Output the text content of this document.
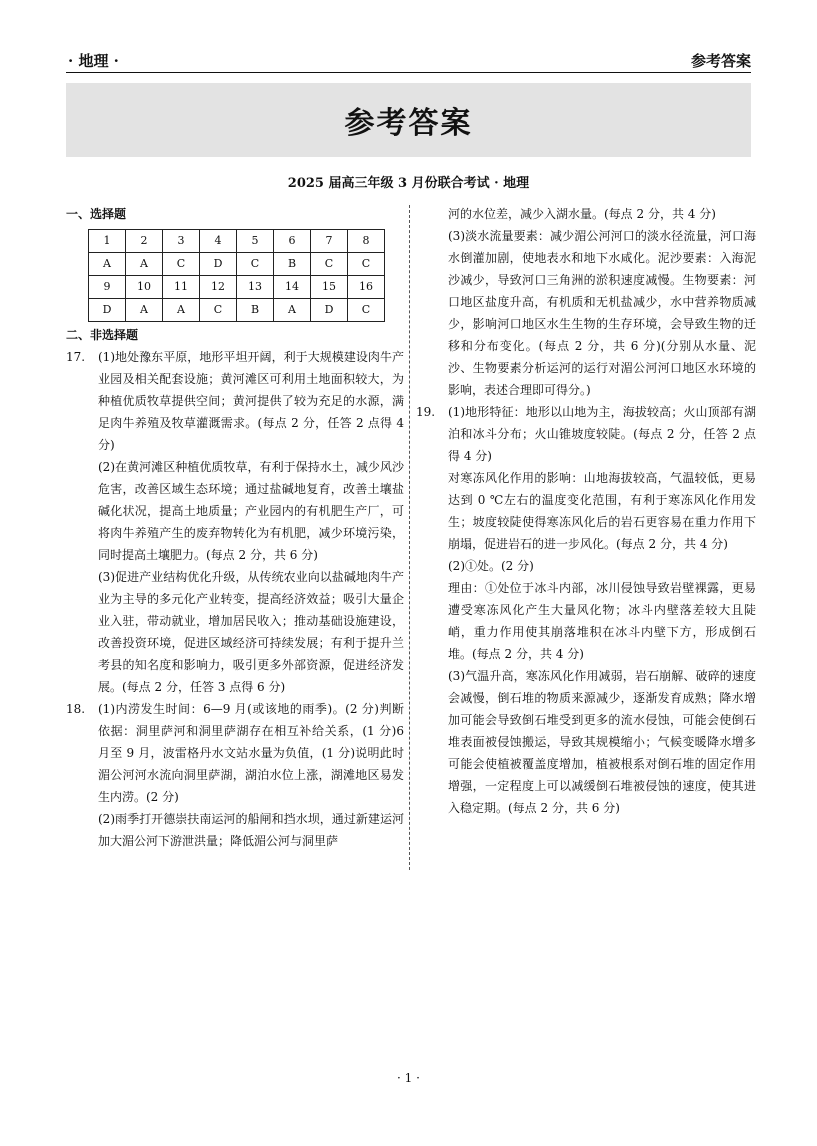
· 地理 ·	参考答案
参考答案
2025 届高三年级 3 月份联合考试 · 地理
一、选择题
1	2	3	4	5	6	7	8
A	A	C	D	C	B	C	C
9	10	11	12	13	14	15	16
D	A	A	C	B	A	D	C
二、非选择题
17. (1)地处豫东平原，地形平坦开阔，利于大规模建设肉牛产业园及相关配套设施；黄河滩区可利用土地面积较大，为种植优质牧草提供空间；黄河提供了较为充足的水源，满足肉牛养殖及牧草灌溉需求。(每点 2 分，任答 2 点得 4 分)

(2)在黄河滩区种植优质牧草，有利于保持水土，减少风沙危害，改善区域生态环境；通过盐碱地复育，改善土壤盐碱化状况，提高土地质量；产业园内的有机肥生产厂，可将肉牛养殖产生的废弃物转化为有机肥，减少环境污染，同时提高土壤肥力。(每点 2 分，共 6 分)

(3)促进产业结构优化升级，从传统农业向以盐碱地肉牛产业为主导的多元化产业转变，提高经济效益；吸引大量企业入驻，带动就业，增加居民收入；推动基础设施建设，改善投资环境，促进区域经济可持续发展；有利于提升兰考县的知名度和影响力，吸引更多外部资源，促进经济发展。(每点 2 分，任答 3 点得 6 分)

18. (1)内涝发生时间：6—9 月(或该地的雨季)。(2 分)判断依据：洞里萨河和洞里萨湖存在相互补给关系，(1 分)6 月至 9 月，波雷格丹水文站水量为负值，(1 分)说明此时湄公河河水流向洞里萨湖，湖泊水位上涨，湖滩地区易发生内涝。(2 分)

(2)雨季打开德崇扶南运河的船闸和挡水坝，通过新建运河加大湄公河下游泄洪量；降低湄公河与洞里萨

河的水位差，减少入湖水量。(每点 2 分，共 4 分)

(3)淡水流量要素：减少湄公河河口的淡水径流量，河口海水倒灌加剧，使地表水和地下水咸化。泥沙要素：入海泥沙减少，导致河口三角洲的淤积速度减慢。生物要素：河口地区盐度升高，有机质和无机盐减少，水中营养物质减少，影响河口地区水生生物的生存环境，会导致生物的迁移和分布变化。(每点 2 分，共 6 分)(分别从水量、泥沙、生物要素分析运河的运行对湄公河河口地区水环境的影响，表述合理即可得分。)

19. (1)地形特征：地形以山地为主，海拔较高；火山顶部有湖泊和冰斗分布；火山锥坡度较陡。(每点 2 分，任答 2 点得 4 分)

对寒冻风化作用的影响：山地海拔较高，气温较低，更易达到 0 ℃左右的温度变化范围，有利于寒冻风化作用发生；坡度较陡使得寒冻风化后的岩石更容易在重力作用下崩塌，促进岩石的进一步风化。(每点 2 分，共 4 分)

(2)①处。(2 分)

理由：①处位于冰斗内部，冰川侵蚀导致岩壁裸露，更易遭受寒冻风化产生大量风化物；冰斗内壁落差较大且陡峭，重力作用使其崩落堆积在冰斗内壁下方，形成倒石堆。(每点 2 分，共 4 分)

(3)气温升高，寒冻风化作用减弱，岩石崩解、破碎的速度会减慢，倒石堆的物质来源减少，逐渐发育成熟；降水增加可能会导致倒石堆受到更多的流水侵蚀，可能会使倒石堆表面被侵蚀搬运，导致其规模缩小；气候变暖降水增多可能会使植被覆盖度增加，植被根系对倒石堆的固定作用增强，一定程度上可以减缓倒石堆被侵蚀的速度，使其进入稳定期。(每点 2 分，共 6 分)

· 1 ·
